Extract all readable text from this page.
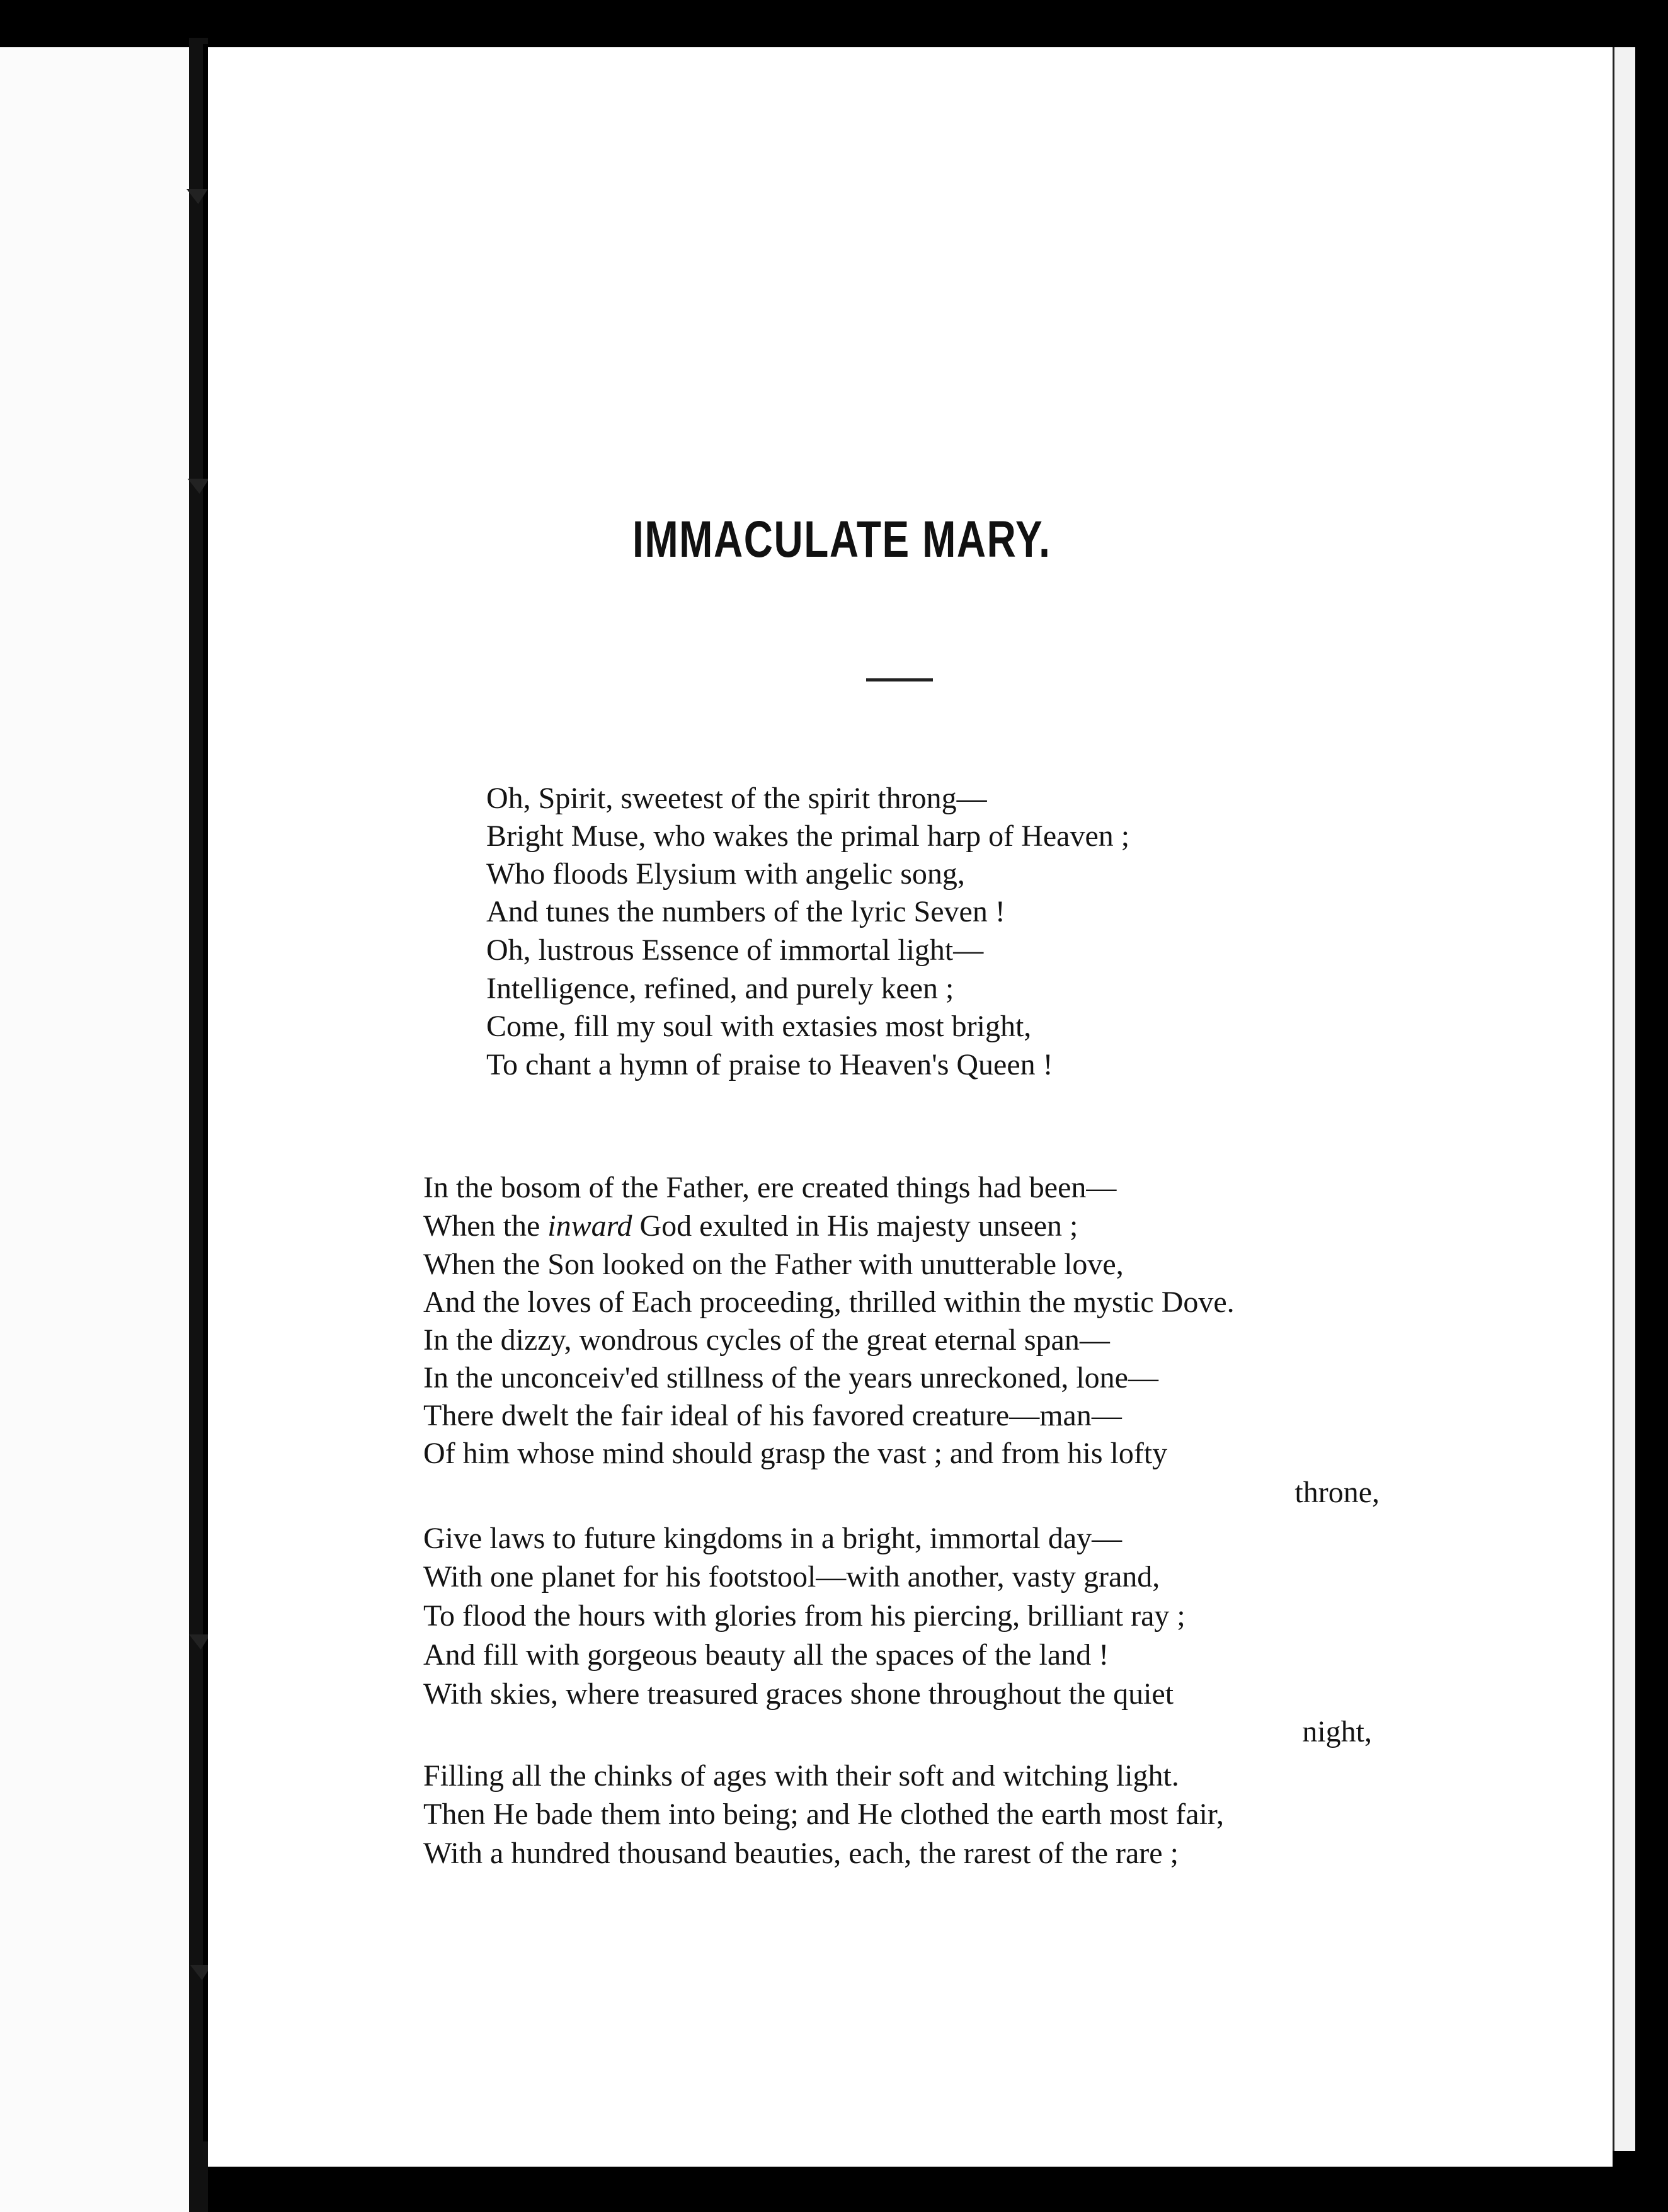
IMMACULATE MARY.
Oh, Spirit, sweetest of the spirit throng—
Bright Muse, who wakes the primal harp of Heaven ;
Who floods Elysium with angelic song,
And tunes the numbers of the lyric Seven !
Oh, lustrous Essence of immortal light—
Intelligence, refined, and purely keen ;
Come, fill my soul with extasies most bright,
To chant a hymn of praise to Heaven's Queen !
In the bosom of the Father, ere created things had been—
When the inward God exulted in His majesty unseen ;
When the Son looked on the Father with unutterable love,
And the loves of Each proceeding, thrilled within the mystic Dove.
In the dizzy, wondrous cycles of the great eternal span—
In the unconceiv'ed stillness of the years unreckoned, lone—
There dwelt the fair ideal of his favored creature—man—
Of him whose mind should grasp the vast ; and from his lofty
throne,
Give laws to future kingdoms in a bright, immortal day—
With one planet for his footstool—with another, vasty grand,
To flood the hours with glories from his piercing, brilliant ray ;
And fill with gorgeous beauty all the spaces of the land !
With skies, where treasured graces shone throughout the quiet
night,
Filling all the chinks of ages with their soft and witching light.
Then He bade them into being; and He clothed the earth most fair,
With a hundred thousand beauties, each, the rarest of the rare ;
